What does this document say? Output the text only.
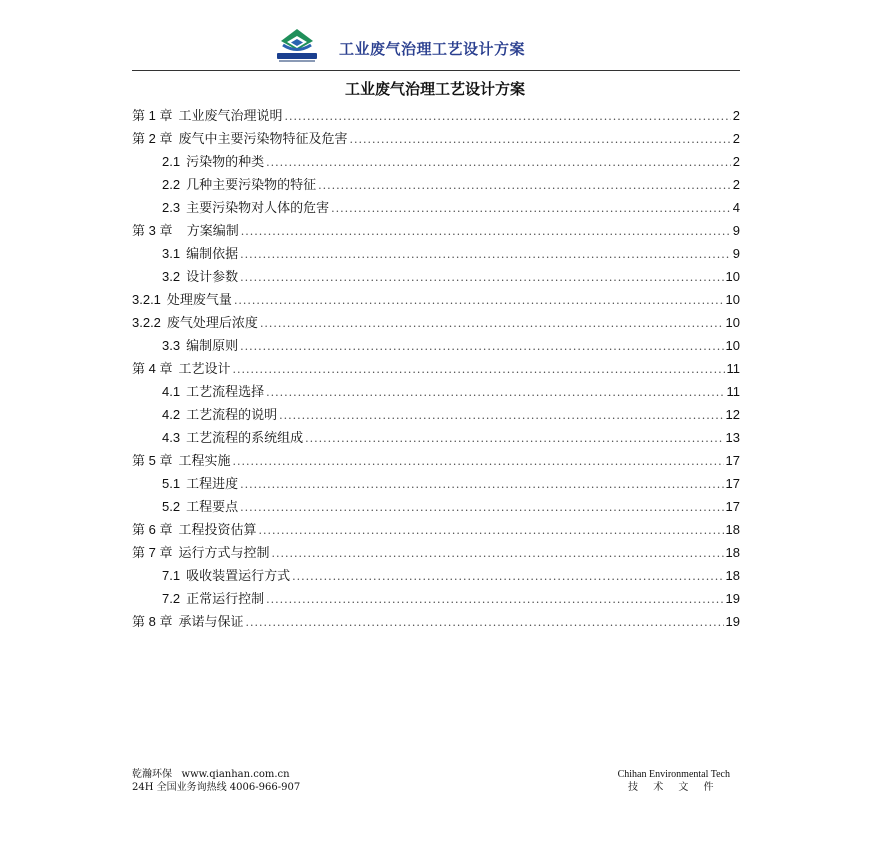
工业废气治理工艺设计方案
工业废气治理工艺设计方案
第 1 章 工业废气治理说明 .....	2
第 2 章 废气中主要污染物特征及危害 .....	2
2.1 污染物的种类 .....	2
2.2 几种主要污染物的特征 .....	2
2.3 主要污染物对人体的危害 .....	4
第 3 章 方案编制 .....	9
3.1 编制依据 .....	9
3.2 设计参数 .....	10
3.2.1 处理废气量 .....	10
3.2.2 废气处理后浓度 .....	10
3.3 编制原则 .....	10
第 4 章 工艺设计 .....	11
4.1 工艺流程选择 .....	11
4.2 工艺流程的说明 .....	12
4.3 工艺流程的系统组成 .....	13
第 5 章 工程实施 .....	17
5.1 工程进度 .....	17
5.2 工程要点 .....	17
第 6 章 工程投资估算 .....	18
第 7 章 运行方式与控制 .....	18
7.1 吸收装置运行方式 .....	18
7.2 正常运行控制 .....	19
第 8 章 承诺与保证 .....	19
乾瀚环保 www.qianhan.com.cn
24H 全国业务询热线 4006-966-907
Chihan Environmental Tech
技 术 文 件
